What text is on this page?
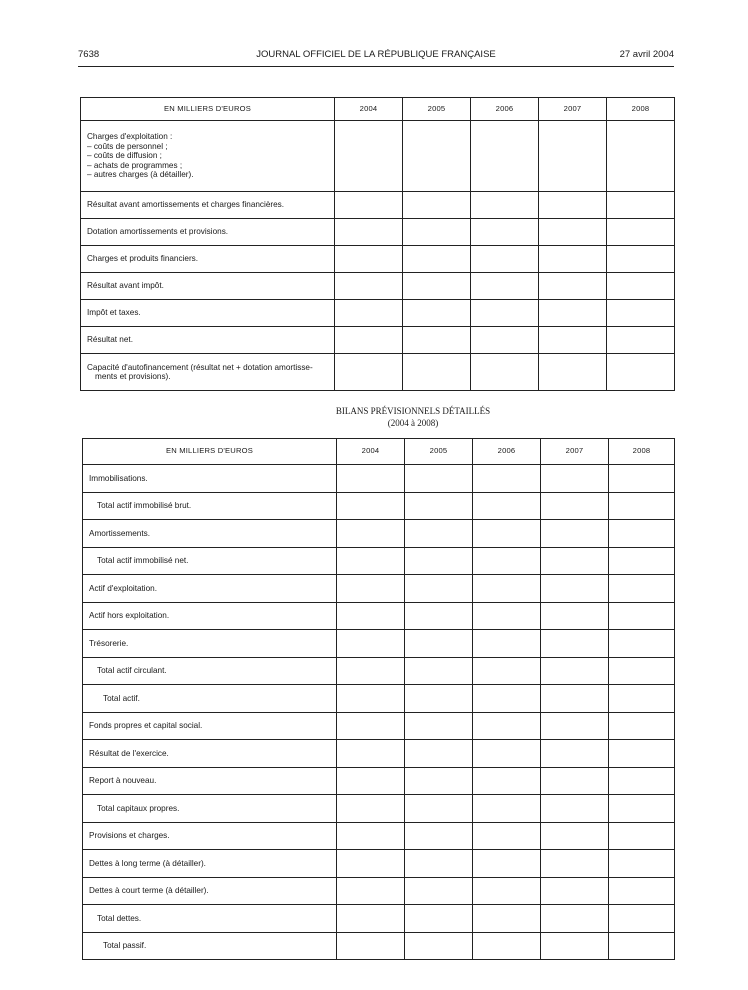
7638	JOURNAL OFFICIEL DE LA RÉPUBLIQUE FRANÇAISE	27 avril 2004
EN MILLIERS D'EUROS	2004	2005	2006	2007	2008

Charges d'exploitation :
– coûts de personnel ;
– coûts de diffusion ;
– achats de programmes ;
– autres charges (à détailler).					

Résultat avant amortissements et charges financières.					
Dotation amortissements et provisions.					
Charges et produits financiers.					
Résultat avant impôt.					
Impôt et taxes.					
Résultat net.					

Capacité d'autofinancement (résultat net + dotation amortisse-
ments et provisions).					

BILANS PRÉVISIONNELS DÉTAILLÉS
(2004 à 2008)
EN MILLIERS D'EUROS	2004	2005	2006	2007	2008
Immobilisations.					
Total actif immobilisé brut.					
Amortissements.					
Total actif immobilisé net.					
Actif d'exploitation.					
Actif hors exploitation.					
Trésorerie.					
Total actif circulant.					
Total actif.					
Fonds propres et capital social.					
Résultat de l'exercice.					
Report à nouveau.					
Total capitaux propres.					
Provisions et charges.					
Dettes à long terme (à détailler).					
Dettes à court terme (à détailler).					
Total dettes.					
Total passif.					
